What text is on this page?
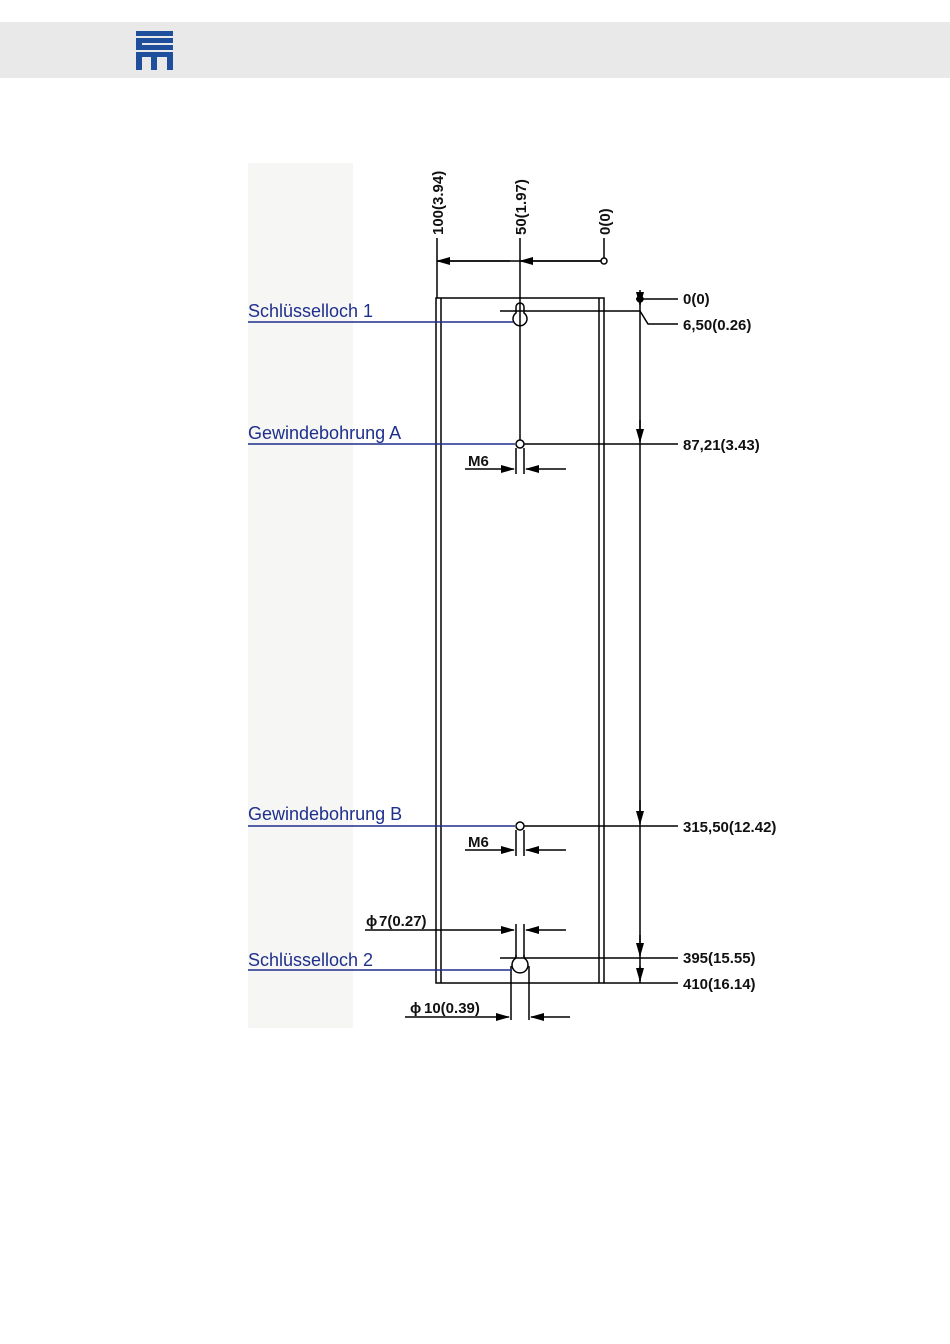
100(3.94)	50(1.97)	0(0)
Schlüsselloch 1
Gewindebohrung A
Gewindebohrung B
Schlüsselloch 2
M6
M6
ϕ 7(0.27)
ϕ 10(0.39)
0(0)
6,50(0.26)
87,21(3.43)
315,50(12.42)
395(15.55)
410(16.14)
